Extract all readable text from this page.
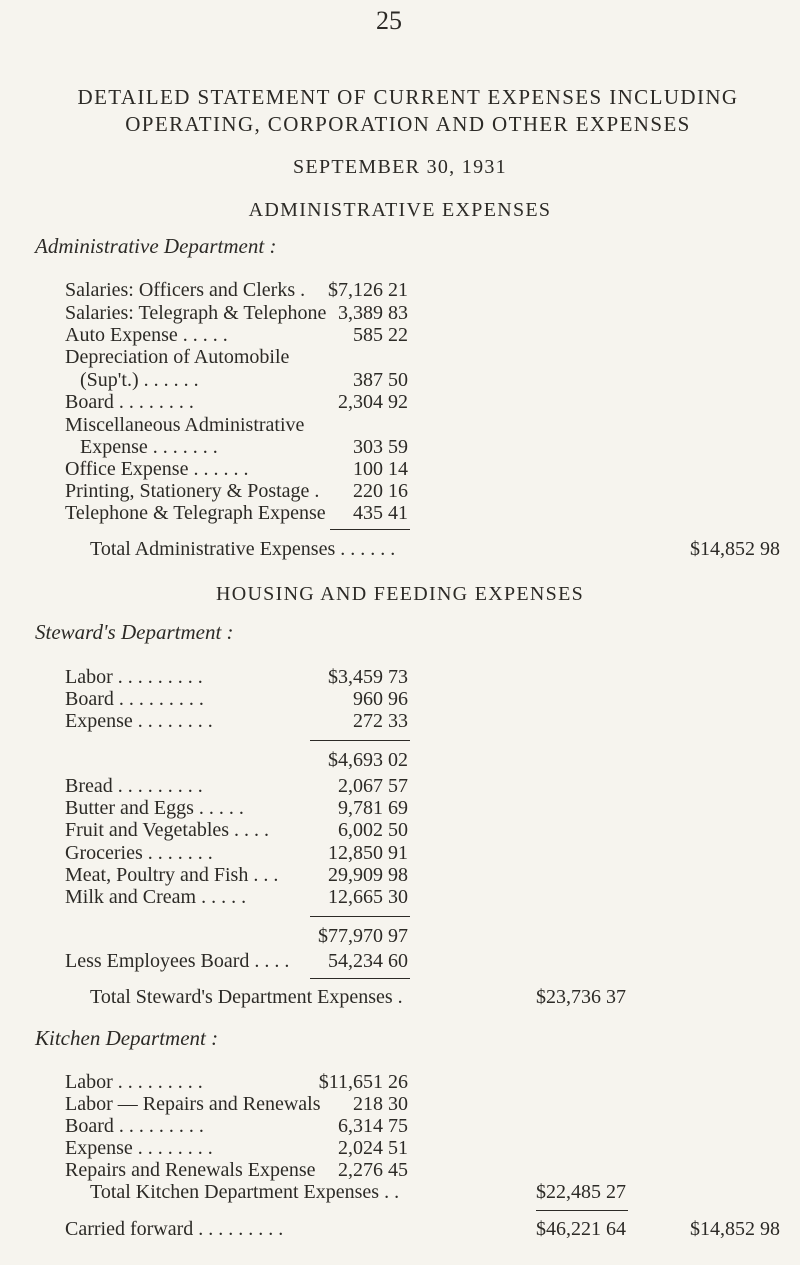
25
DETAILED STATEMENT OF CURRENT EXPENSES INCLUDING
OPERATING, CORPORATION AND OTHER EXPENSES
SEPTEMBER 30, 1931
ADMINISTRATIVE EXPENSES
Administrative Department :
Salaries: Officers and Clerks .	$7,126 21
Salaries: Telegraph & Telephone 3,389 83
Auto Expense . . . . .	585 22
Depreciation of Automobile
(Sup't.) . . . . . .	387 50
Board . . . . . . . .	2,304 92
Miscellaneous Administrative
Expense . . . . . . .	303 59
Office Expense . . . . . .	100 14
Printing, Stationery & Postage .	220 16
Telephone & Telegraph Expense	435 41
Total Administrative Expenses . . . . . .	$14,852 98
HOUSING AND FEEDING EXPENSES
Steward's Department :
Labor . . . . . . . . .	$3,459 73
Board . . . . . . . . .	960 96
Expense . . . . . . . .	272 33
$4,693 02
Bread . . . . . . . . .	2,067 57
Butter and Eggs . . . . .	9,781 69
Fruit and Vegetables . . . .	6,002 50
Groceries . . . . . . .	12,850 91
Meat, Poultry and Fish . . .	29,909 98
Milk and Cream . . . . .	12,665 30
$77,970 97
Less Employees Board . . . .	54,234 60
Total Steward's Department Expenses .	$23,736 37
Kitchen Department :
Labor . . . . . . . . .	$11,651 26
Labor — Repairs and Renewals	218 30
Board . . . . . . . . .	6,314 75
Expense . . . . . . . .	2,024 51
Repairs and Renewals Expense	2,276 45
Total Kitchen Department Expenses . .	$22,485 27
Carried forward . . . . . . . . .	$46,221 64	$14,852 98
